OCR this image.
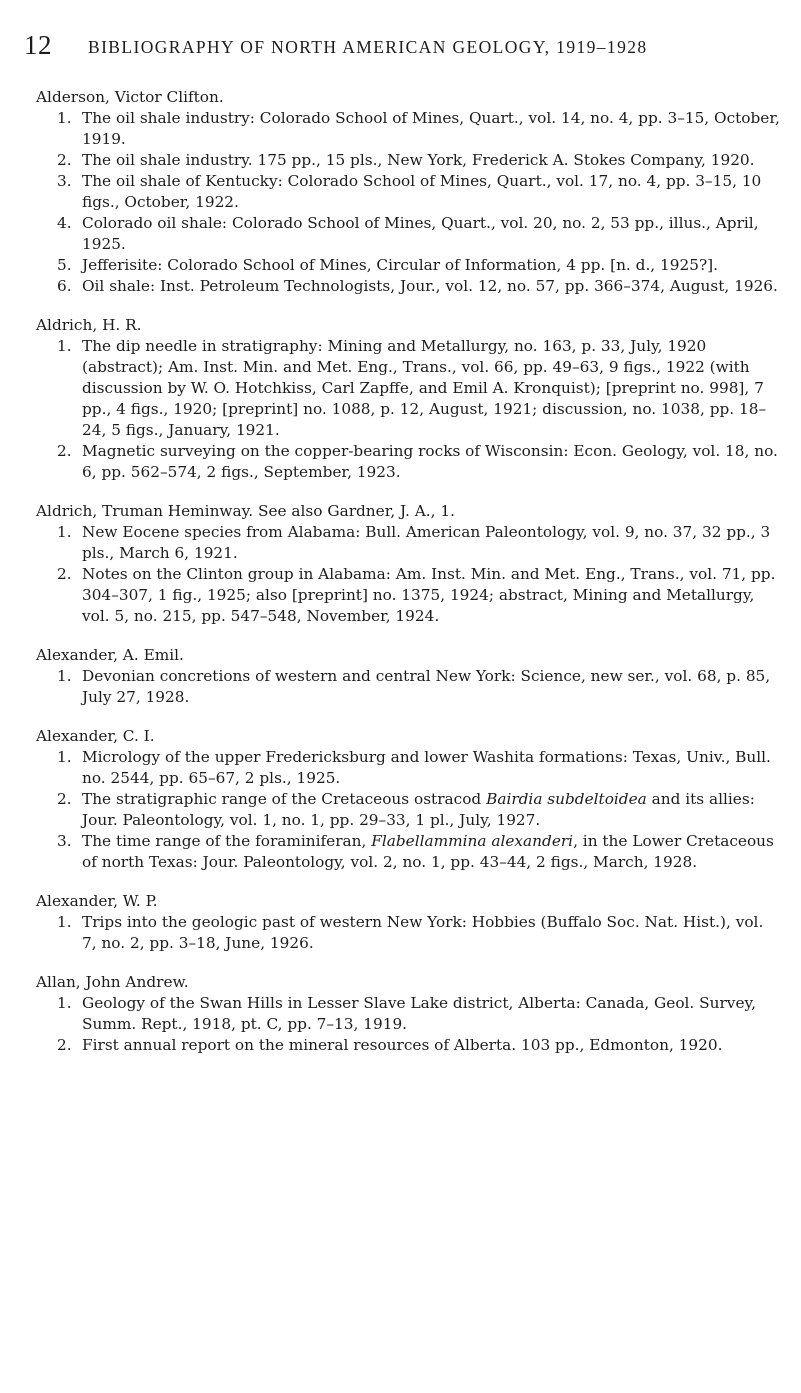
12 BIBLIOGRAPHY OF NORTH AMERICAN GEOLOGY, 1919–1928

Alderson, Victor Clifton.

1. The oil shale industry: Colorado School of Mines, Quart., vol. 14, no. 4, pp. 3–15, October, 1919.

2. The oil shale industry. 175 pp., 15 pls., New York, Frederick A. Stokes Company, 1920.

3. The oil shale of Kentucky: Colorado School of Mines, Quart., vol. 17, no. 4, pp. 3–15, 10 figs., October, 1922.

4. Colorado oil shale: Colorado School of Mines, Quart., vol. 20, no. 2, 53 pp., illus., April, 1925.

5. Jefferisite: Colorado School of Mines, Circular of Information, 4 pp. [n. d., 1925?].

6. Oil shale: Inst. Petroleum Technologists, Jour., vol. 12, no. 57, pp. 366–374, August, 1926.

Aldrich, H. R.

1. The dip needle in stratigraphy: Mining and Metallurgy, no. 163, p. 33, July, 1920 (abstract); Am. Inst. Min. and Met. Eng., Trans., vol. 66, pp. 49–63, 9 figs., 1922 (with discussion by W. O. Hotchkiss, Carl Zapffe, and Emil A. Kronquist); [preprint no. 998], 7 pp., 4 figs., 1920; [preprint] no. 1088, p. 12, August, 1921; discussion, no. 1038, pp. 18–24, 5 figs., January, 1921.

2. Magnetic surveying on the copper-bearing rocks of Wisconsin: Econ. Geology, vol. 18, no. 6, pp. 562–574, 2 figs., September, 1923.

Aldrich, Truman Heminway. See also Gardner, J. A., 1.

1. New Eocene species from Alabama: Bull. American Paleontology, vol. 9, no. 37, 32 pp., 3 pls., March 6, 1921.

2. Notes on the Clinton group in Alabama: Am. Inst. Min. and Met. Eng., Trans., vol. 71, pp. 304–307, 1 fig., 1925; also [preprint] no. 1375, 1924; abstract, Mining and Metallurgy, vol. 5, no. 215, pp. 547–548, November, 1924.

Alexander, A. Emil.

1. Devonian concretions of western and central New York: Science, new ser., vol. 68, p. 85, July 27, 1928.

Alexander, C. I.

1. Micrology of the upper Fredericksburg and lower Washita formations: Texas, Univ., Bull. no. 2544, pp. 65–67, 2 pls., 1925.

2. The stratigraphic range of the Cretaceous ostracod Bairdia subdeltoidea and its allies: Jour. Paleontology, vol. 1, no. 1, pp. 29–33, 1 pl., July, 1927.

3. The time range of the foraminiferan, Flabellammina alexanderi, in the Lower Cretaceous of north Texas: Jour. Paleontology, vol. 2, no. 1, pp. 43–44, 2 figs., March, 1928.

Alexander, W. P.

1. Trips into the geologic past of western New York: Hobbies (Buffalo Soc. Nat. Hist.), vol. 7, no. 2, pp. 3–18, June, 1926.

Allan, John Andrew.

1. Geology of the Swan Hills in Lesser Slave Lake district, Alberta: Canada, Geol. Survey, Summ. Rept., 1918, pt. C, pp. 7–13, 1919.

2. First annual report on the mineral resources of Alberta. 103 pp., Edmonton, 1920.
